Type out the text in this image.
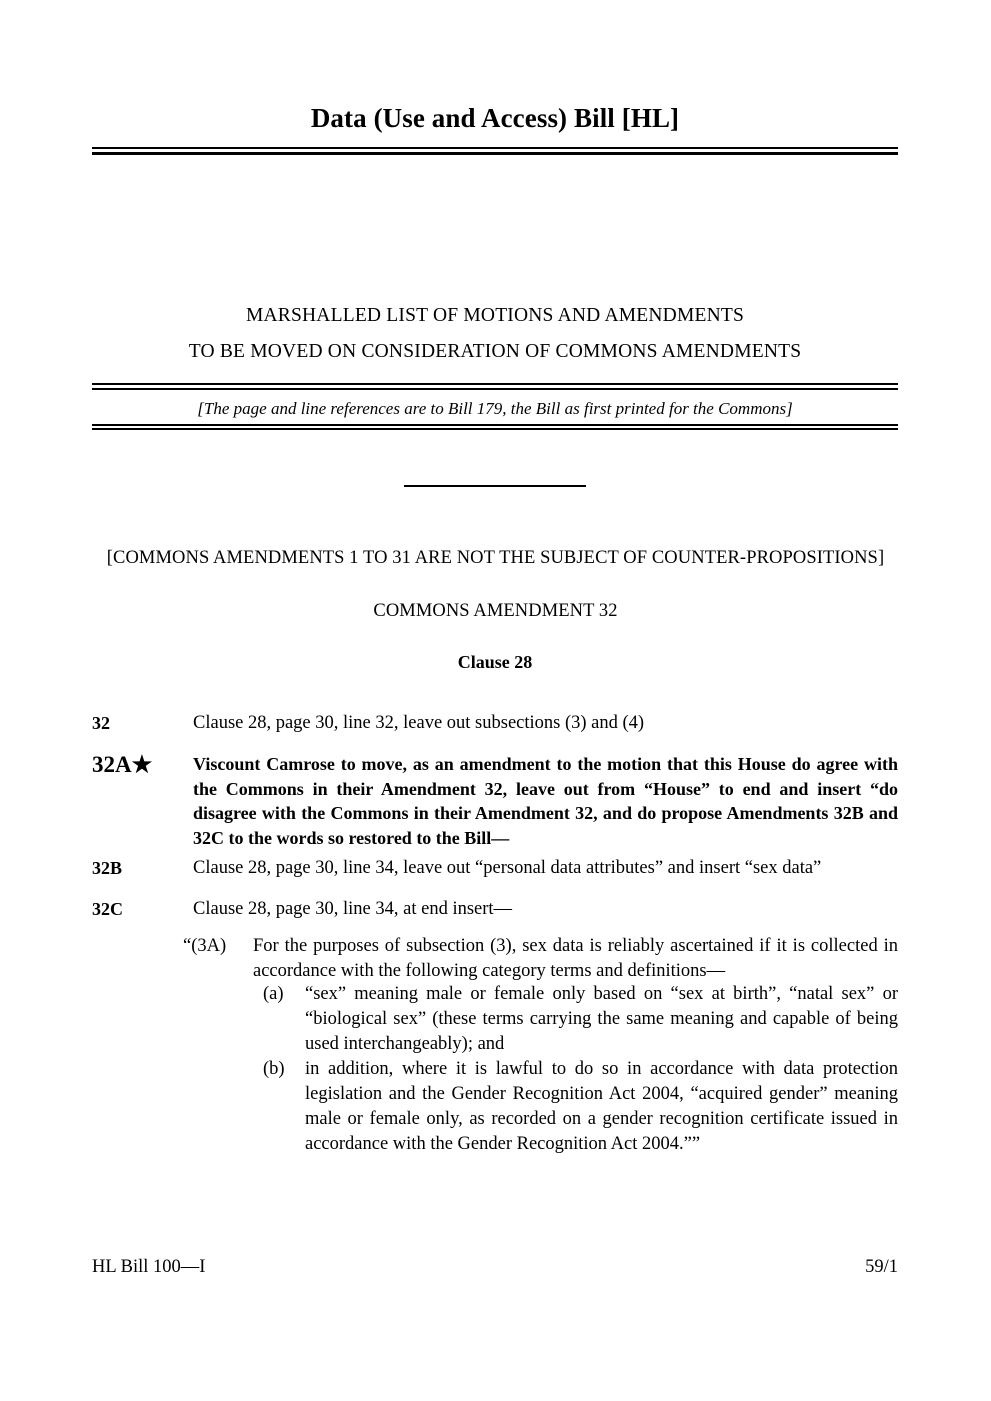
Data (Use and Access) Bill [HL]
MARSHALLED LIST OF MOTIONS AND AMENDMENTS
TO BE MOVED ON CONSIDERATION OF COMMONS AMENDMENTS
[The page and line references are to Bill 179, the Bill as first printed for the Commons]
[COMMONS AMENDMENTS 1 TO 31 ARE NOT THE SUBJECT OF COUNTER-PROPOSITIONS]
COMMONS AMENDMENT 32
Clause 28
32	Clause 28, page 30, line 32, leave out subsections (3) and (4)
32A★	Viscount Camrose to move, as an amendment to the motion that this House do agree with the Commons in their Amendment 32, leave out from “House” to end and insert “do disagree with the Commons in their Amendment 32, and do propose Amendments 32B and 32C to the words so restored to the Bill—
32B	Clause 28, page 30, line 34, leave out “personal data attributes” and insert “sex data”
32C	Clause 28, page 30, line 34, at end insert—
“(3A)	For the purposes of subsection (3), sex data is reliably ascertained if it is collected in accordance with the following category terms and definitions—
(a)	“sex” meaning male or female only based on “sex at birth”, “natal sex” or “biological sex” (these terms carrying the same meaning and capable of being used interchangeably); and
(b)	in addition, where it is lawful to do so in accordance with data protection legislation and the Gender Recognition Act 2004, “acquired gender” meaning male or female only, as recorded on a gender recognition certificate issued in accordance with the Gender Recognition Act 2004.””
HL Bill 100—I	59/1
